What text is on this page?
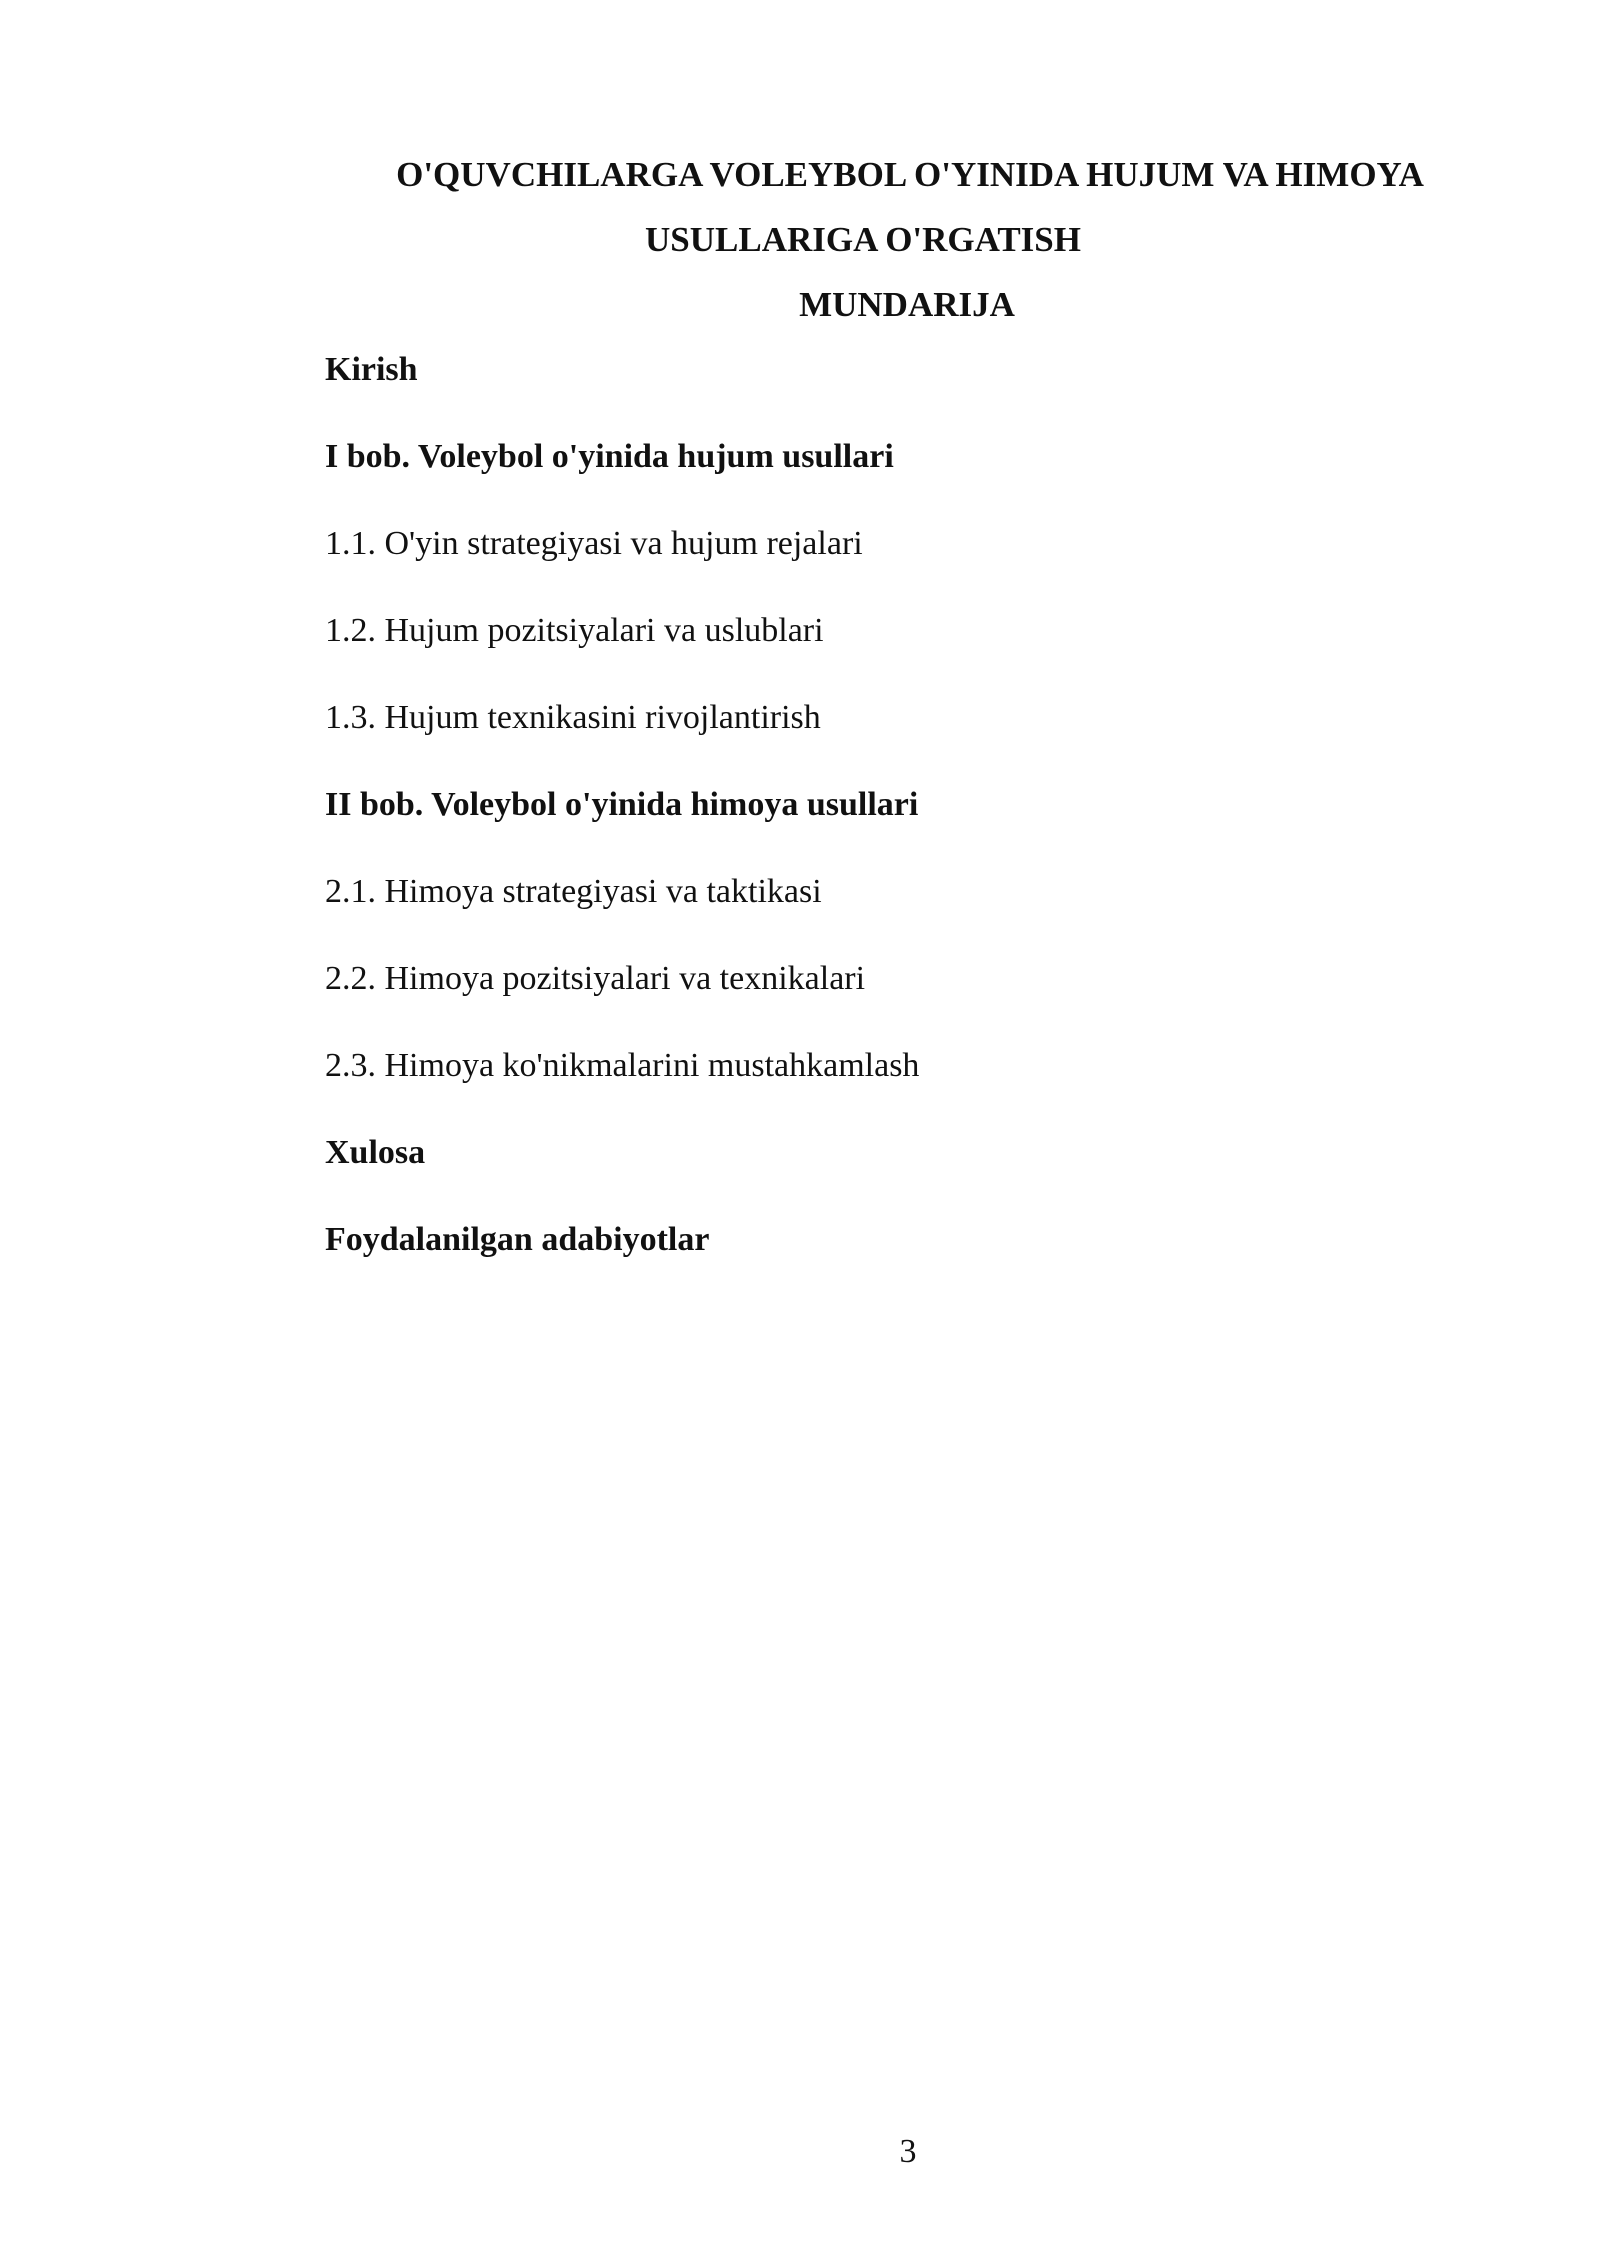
O'QUVCHILARGA VOLEYBOL O'YINIDA HUJUM VA HIMOYA
USULLARIGA O'RGATISH
MUNDARIJA
Kirish
I bob. Voleybol o'yinida hujum usullari
1.1. O'yin strategiyasi va hujum rejalari
1.2. Hujum pozitsiyalari va uslublari
1.3. Hujum texnikasini rivojlantirish
II bob. Voleybol o'yinida himoya usullari
2.1. Himoya strategiyasi va taktikasi
2.2. Himoya pozitsiyalari va texnikalari
2.3. Himoya ko'nikmalarini mustahkamlash
Xulosa
Foydalanilgan adabiyotlar
3
